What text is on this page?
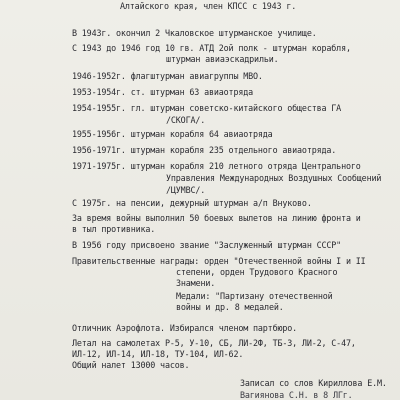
Алтайского края, член КПСС с 1943 г.
В 1943г. окончил 2 Чкаловское штурманское училище.
С 1943 до 1946 год 10 гв. АТД 2ой полк - штурман корабля,
штурман авиаэскадрильи.
1946-1952г. флагштурман авиагруппы МВО.
1953-1954г. ст. штурман 63 авиаотряда
1954-1955г. гл. штурман советско-китайского общества ГА
/СКОГА/.
1955-1956г. штурман корабля 64 авиаотряда
1956-1971г. штурман корабля 235 отдельного авиаотряда.
1971-1975г. штурман корабля 210 летного отряда Центрального
Управления Международных Воздушных Сообщений
/ЦУМВС/.
С 1975г. на пенсии, дежурный штурман а/п Внуково.
За время войны выполнил 50 боевых вылетов на линию фронта и
в тыл противника.
В 1956 году присвоено звание "Заслуженный штурман СССР"
Правительственные награды: орден "Отечественной войны I и II
степени, орден Трудового Красного
Знамени.
Медали: "Партизану отечественной
войны и др. 8 медалей.
Отличник Аэрофлота. Избирался членом партбюро.
Летал на самолетах Р-5, У-10, СБ, ЛИ-2Ф, ТБ-3, ЛИ-2, С-47,
ИЛ-12, ИЛ-14, ИЛ-18, ТУ-104, ИЛ-62.
Общий налет 13000 часов.
Записал со слов Кириллова Е.М.
Вагиянова С.Н. в 8 ЛГг.
